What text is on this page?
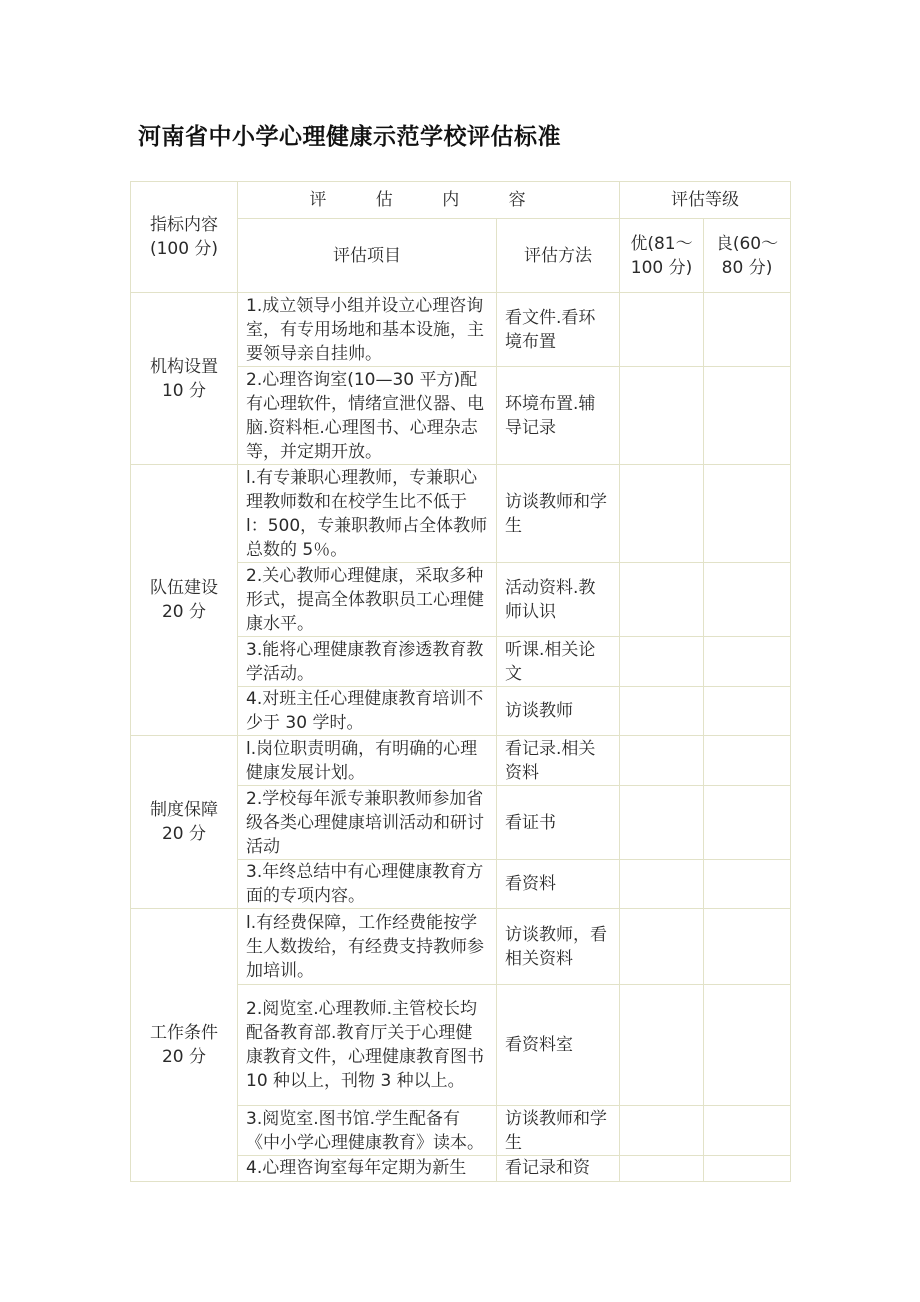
河南省中小学心理健康示范学校评估标准
指标内容(100 分)	评 估 内 容		评估等级	
	评估项目	评估方法	优(81～100 分)	良(60～80 分)
机构设置 10 分	1.成立领导小组并设立心理咨询室，有专用场地和基本设施，主要领导亲自挂帅。	看文件.看环境布置		
	2.心理咨询室(10—30 平方)配有心理软件，情绪宣泄仪器、电脑.资料柜.心理图书、心理杂志等，并定期开放。	环境布置.辅导记录		
队伍建设 20 分	l.有专兼职心理教师，专兼职心理教师数和在校学生比不低于 l：500，专兼职教师占全体教师总数的 5％。	访谈教师和学生		
	2.关心教师心理健康，采取多种形式，提高全体教职员工心理健康水平。	活动资料.教师认识		
	3.能将心理健康教育渗透教育教学活动。	听课.相关论文		
	4.对班主任心理健康教育培训不少于 30 学时。	访谈教师		
制度保障 20 分	l.岗位职责明确，有明确的心理健康发展计划。	看记录.相关资料		
	2.学校每年派专兼职教师参加省级各类心理健康培训活动和研讨活动	看证书		
	3.年终总结中有心理健康教育方面的专项内容。	看资料		
工作条件 20 分	l.有经费保障，工作经费能按学生人数拨给，有经费支持教师参加培训。	访谈教师，看相关资料		
	2.阅览室.心理教师.主管校长均配备教育部.教育厅关于心理健康教育文件，心理健康教育图书 10 种以上，刊物 3 种以上。	看资料室		
	3.阅览室.图书馆.学生配备有《中小学心理健康教育》读本。	访谈教师和学生		
	4.心理咨询室每年定期为新生	看记录和资		
